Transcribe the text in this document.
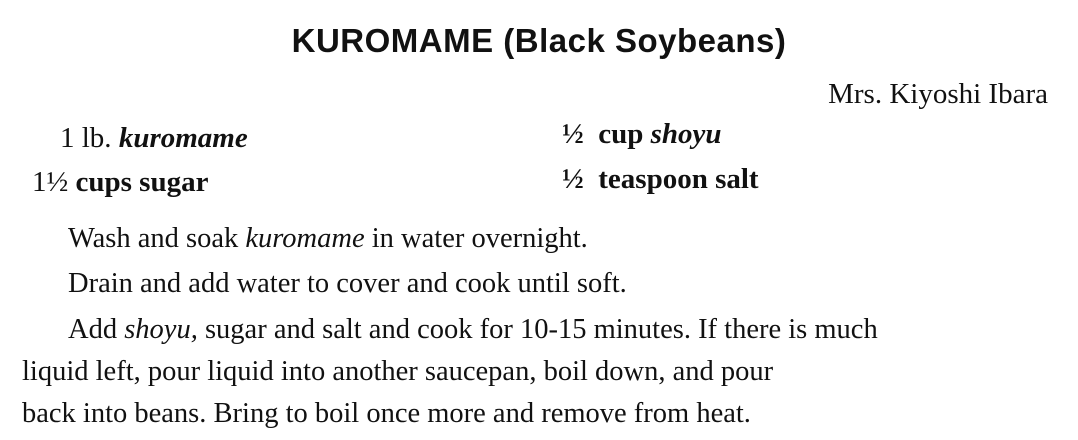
KUROMAME (Black Soybeans)

Mrs. Kiyoshi Ibara

1 lb. kuromame

1½ cups sugar

½ cup shoyu

½ teaspoon salt

Wash and soak kuromame in water overnight.

Drain and add water to cover and cook until soft.

Add shoyu, sugar and salt and cook for 10-15 minutes. If there is much

liquid left, pour liquid into another saucepan, boil down, and pour

back into beans. Bring to boil once more and remove from heat.
